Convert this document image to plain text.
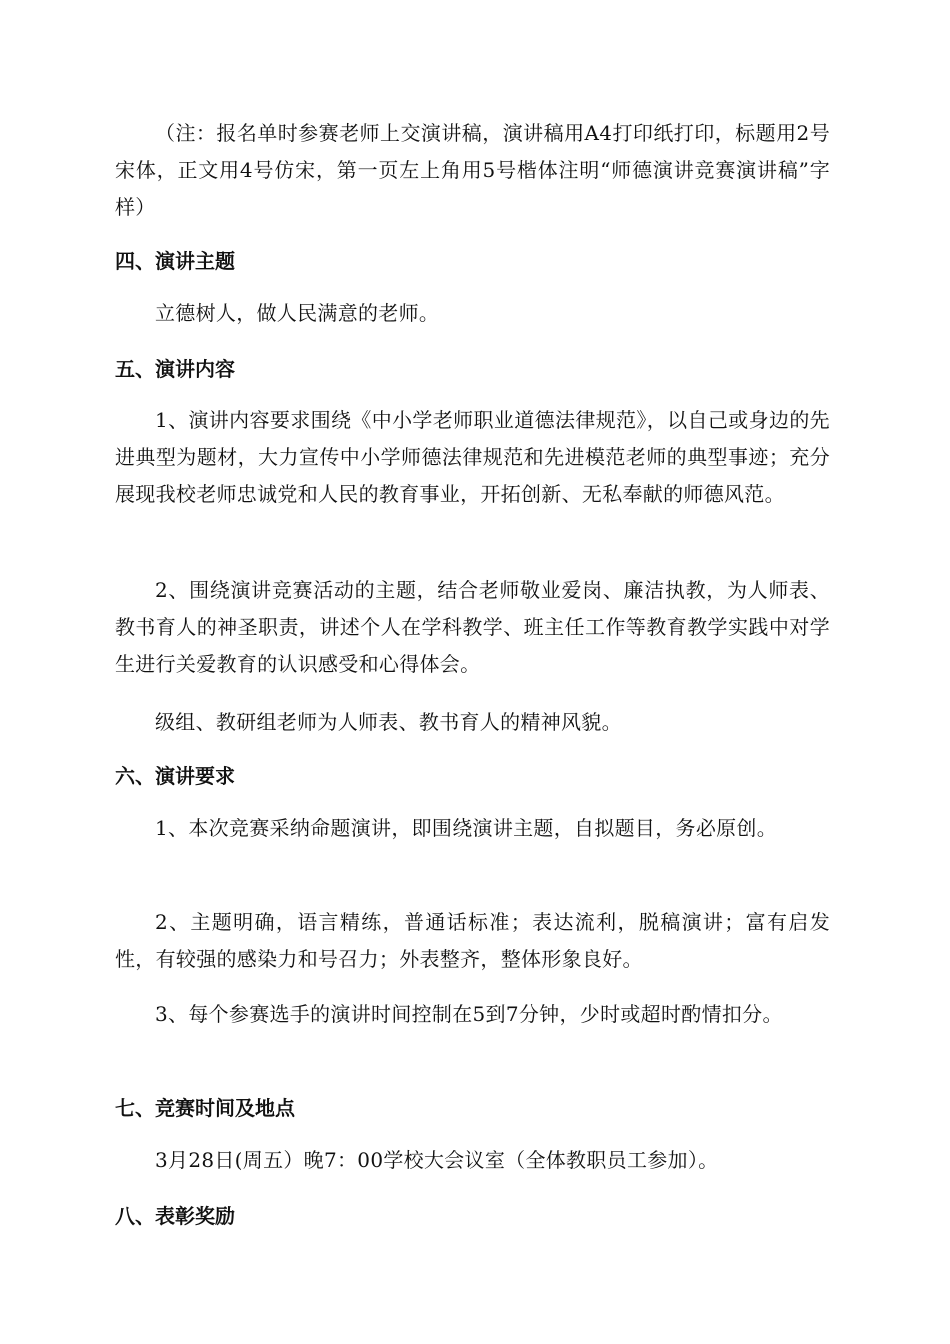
（注：报名单时参赛老师上交演讲稿，演讲稿用A4打印纸打印，标题用2号宋体，正文用4号仿宋，第一页左上角用5号楷体注明“师德演讲竞赛演讲稿”字样）

四、演讲主题

立德树人，做人民满意的老师。

五、演讲内容

1、演讲内容要求围绕《中小学老师职业道德法律规范》，以自己或身边的先进典型为题材，大力宣传中小学师德法律规范和先进模范老师的典型事迹；充分展现我校老师忠诚党和人民的教育事业，开拓创新、无私奉献的师德风范。

2、围绕演讲竞赛活动的主题，结合老师敬业爱岗、廉洁执教，为人师表、教书育人的神圣职责，讲述个人在学科教学、班主任工作等教育教学实践中对学生进行关爱教育的认识感受和心得体会。

级组、教研组老师为人师表、教书育人的精神风貌。

六、演讲要求

1、本次竞赛采纳命题演讲，即围绕演讲主题，自拟题目，务必原创。

2、主题明确，语言精练，普通话标准；表达流利，脱稿演讲；富有启发性，有较强的感染力和号召力；外表整齐，整体形象良好。

3、每个参赛选手的演讲时间控制在5到7分钟，少时或超时酌情扣分。

七、竞赛时间及地点

3月28日(周五）晚7：00学校大会议室（全体教职员工参加）。

八、表彰奖励
